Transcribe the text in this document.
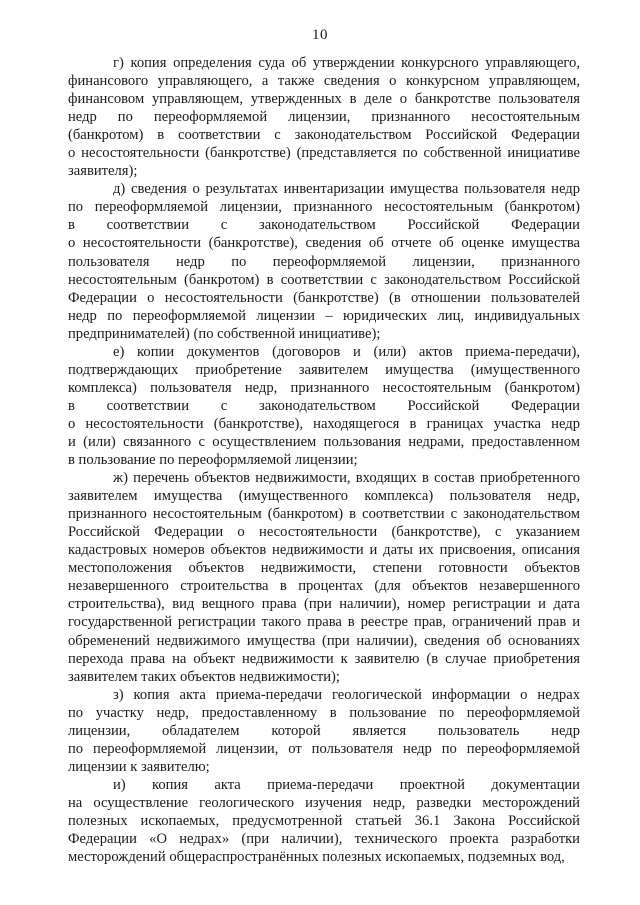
10

г) копия определения суда об утверждении конкурсного управляющего,
финансового управляющего, а также сведения о конкурсном управляющем,
финансовом управляющем, утвержденных в деле о банкротстве пользователя
недр по переоформляемой лицензии, признанного несостоятельным
(банкротом) в соответствии с законодательством Российской Федерации
о несостоятельности (банкротстве) (представляется по собственной инициативе
заявителя);

д) сведения о результатах инвентаризации имущества пользователя недр
по переоформляемой лицензии, признанного несостоятельным (банкротом)
в соответствии с законодательством Российской Федерации
о несостоятельности (банкротстве), сведения об отчете об оценке имущества
пользователя недр по переоформляемой лицензии, признанного
несостоятельным (банкротом) в соответствии с законодательством Российской
Федерации о несостоятельности (банкротстве) (в отношении пользователей
недр по переоформляемой лицензии – юридических лиц, индивидуальных
предпринимателей) (по собственной инициативе);

е) копии документов (договоров и (или) актов приема-передачи),
подтверждающих приобретение заявителем имущества (имущественного
комплекса) пользователя недр, признанного несостоятельным (банкротом)
в соответствии с законодательством Российской Федерации
о несостоятельности (банкротстве), находящегося в границах участка недр
и (или) связанного с осуществлением пользования недрами, предоставленном
в пользование по переоформляемой лицензии;

ж) перечень объектов недвижимости, входящих в состав приобретенного
заявителем имущества (имущественного комплекса) пользователя недр,
признанного несостоятельным (банкротом) в соответствии с законодательством
Российской Федерации о несостоятельности (банкротстве), с указанием
кадастровых номеров объектов недвижимости и даты их присвоения, описания
местоположения объектов недвижимости, степени готовности объектов
незавершенного строительства в процентах (для объектов незавершенного
строительства), вид вещного права (при наличии), номер регистрации и дата
государственной регистрации такого права в реестре прав, ограничений прав и
обременений недвижимого имущества (при наличии), сведения об основаниях
перехода права на объект недвижимости к заявителю (в случае приобретения
заявителем таких объектов недвижимости);

з) копия акта приема-передачи геологической информации о недрах
по участку недр, предоставленному в пользование по переоформляемой
лицензии, обладателем которой является пользователь недр
по переоформляемой лицензии, от пользователя недр по переоформляемой
лицензии к заявителю;

и) копия акта приема-передачи проектной документации
на осуществление геологического изучения недр, разведки месторождений
полезных ископаемых, предусмотренной статьей 36.1 Закона Российской
Федерации «О недрах» (при наличии), технического проекта разработки
месторождений общераспространённых полезных ископаемых, подземных вод,
